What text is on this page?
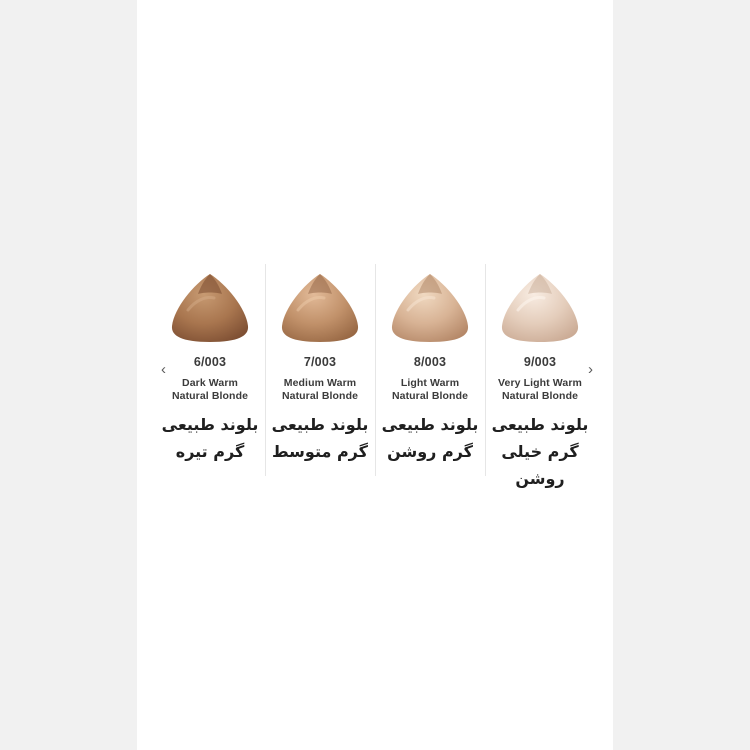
‹ 6/003
Dark Warm
Natural Blonde
بلوند طبیعی
گرم تیره
7/003
Medium Warm
Natural Blonde
بلوند طبیعی
گرم متوسط
8/003
Light Warm
Natural Blonde
بلوند طبیعی
گرم روشن
›
9/003
Very Light Warm
Natural Blonde
بلوند طبیعی
گرم خیلی روشن
